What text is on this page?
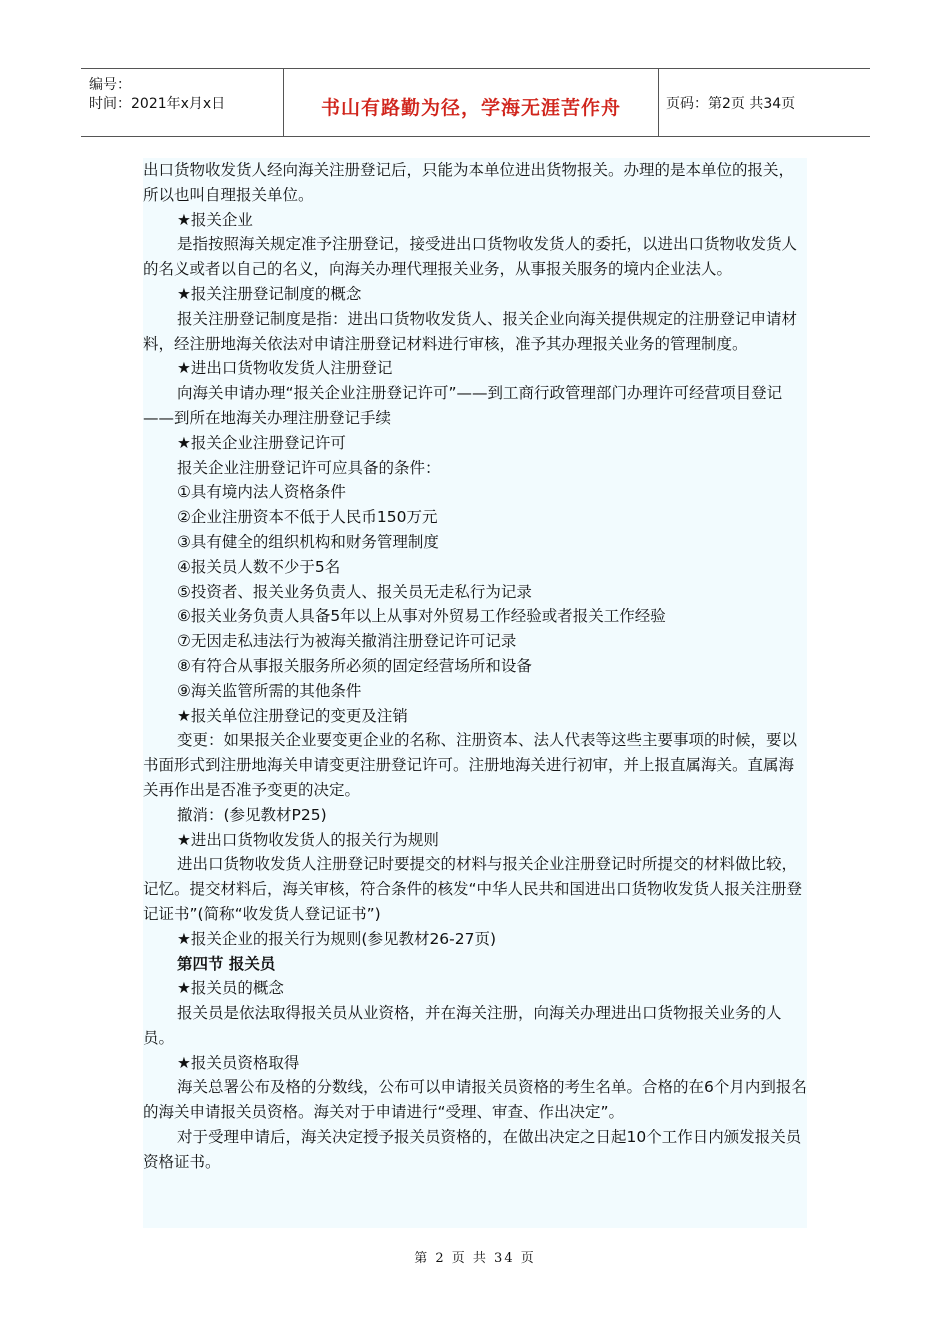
编号：
时间：2021年x月x日	书山有路勤为径，学海无涯苦作舟	页码：第2页 共34页

出口货物收发货人经向海关注册登记后，只能为本单位进出货物报关。办理的是本单位的报关，所以也叫自理报关单位。

★报关企业

是指按照海关规定准予注册登记，接受进出口货物收发货人的委托，以进出口货物收发货人的名义或者以自己的名义，向海关办理代理报关业务，从事报关服务的境内企业法人。

★报关注册登记制度的概念

报关注册登记制度是指：进出口货物收发货人、报关企业向海关提供规定的注册登记申请材料，经注册地海关依法对申请注册登记材料进行审核，准予其办理报关业务的管理制度。

★进出口货物收发货人注册登记

向海关申请办理“报关企业注册登记许可”——到工商行政管理部门办理许可经营项目登记——到所在地海关办理注册登记手续

★报关企业注册登记许可

报关企业注册登记许可应具备的条件：

①具有境内法人资格条件

②企业注册资本不低于人民币150万元

③具有健全的组织机构和财务管理制度

④报关员人数不少于5名

⑤投资者、报关业务负责人、报关员无走私行为记录

⑥报关业务负责人具备5年以上从事对外贸易工作经验或者报关工作经验

⑦无因走私违法行为被海关撤消注册登记许可记录

⑧有符合从事报关服务所必须的固定经营场所和设备

⑨海关监管所需的其他条件

★报关单位注册登记的变更及注销

变更：如果报关企业要变更企业的名称、注册资本、法人代表等这些主要事项的时候，要以书面形式到注册地海关申请变更注册登记许可。注册地海关进行初审，并上报直属海关。直属海关再作出是否准予变更的决定。

撤消：(参见教材P25)

★进出口货物收发货人的报关行为规则

进出口货物收发货人注册登记时要提交的材料与报关企业注册登记时所提交的材料做比较，记忆。提交材料后，海关审核，符合条件的核发“中华人民共和国进出口货物收发货人报关注册登记证书”(简称“收发货人登记证书”)

★报关企业的报关行为规则(参见教材26-27页)

第四节 报关员

★报关员的概念

报关员是依法取得报关员从业资格，并在海关注册，向海关办理进出口货物报关业务的人员。

★报关员资格取得

海关总署公布及格的分数线，公布可以申请报关员资格的考生名单。合格的在6个月内到报名的海关申请报关员资格。海关对于申请进行“受理、审查、作出决定”。

对于受理申请后，海关决定授予报关员资格的，在做出决定之日起10个工作日内颁发报关员资格证书。

第 2 页 共 34 页
